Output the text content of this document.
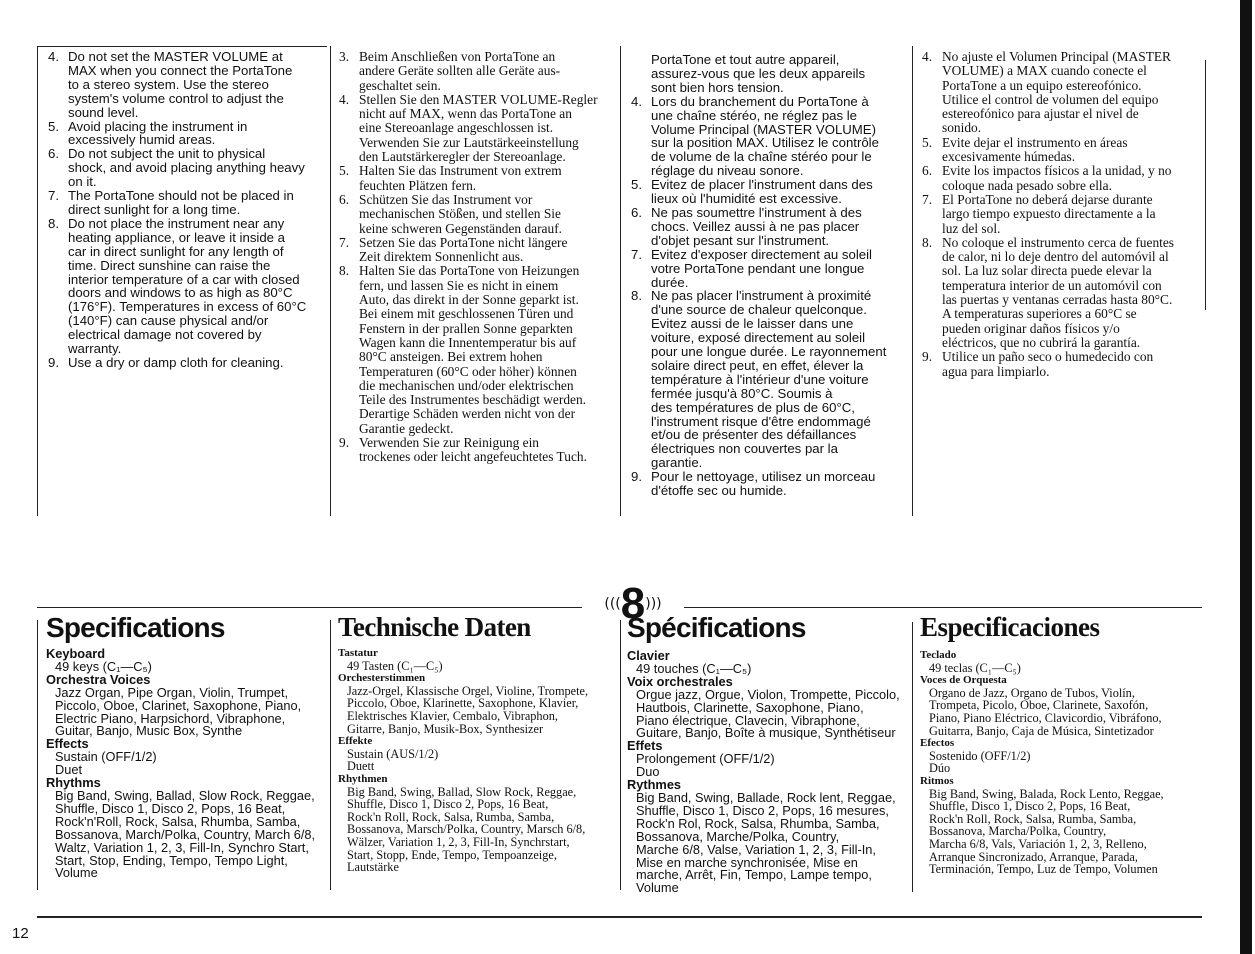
4. Do not set the MASTER VOLUME at
MAX when you connect the PortaTone
to a stereo system. Use the stereo
system's volume control to adjust the
sound level.
5. Avoid placing the instrument in
excessively humid areas.
6. Do not subject the unit to physical
shock, and avoid placing anything heavy
on it.
7. The PortaTone should not be placed in
direct sunlight for a long time.
8. Do not place the instrument near any
heating appliance, or leave it inside a
car in direct sunlight for any length of
time. Direct sunshine can raise the
interior temperature of a car with closed
doors and windows to as high as 80°C
(176°F). Temperatures in excess of 60°C
(140°F) can cause physical and/or
electrical damage not covered by
warranty.
9. Use a dry or damp cloth for cleaning.
3. Beim Anschließen von PortaTone an
andere Geräte sollten alle Geräte aus-
geschaltet sein.
4. Stellen Sie den MASTER VOLUME-Regler
nicht auf MAX, wenn das PortaTone an
eine Stereoanlage angeschlossen ist.
Verwenden Sie zur Lautstärkeeinstellung
den Lautstärkeregler der Stereoanlage.
5. Halten Sie das Instrument von extrem
feuchten Plätzen fern.
6. Schützen Sie das Instrument vor
mechanischen Stößen, und stellen Sie
keine schweren Gegenständen darauf.
7. Setzen Sie das PortaTone nicht längere
Zeit direktem Sonnenlicht aus.
8. Halten Sie das PortaTone von Heizungen
fern, und lassen Sie es nicht in einem
Auto, das direkt in der Sonne geparkt ist.
Bei einem mit geschlossenen Türen und
Fenstern in der prallen Sonne geparkten
Wagen kann die Innentemperatur bis auf
80°C ansteigen. Bei extrem hohen
Temperaturen (60°C oder höher) können
die mechanischen und/oder elektrischen
Teile des Instrumentes beschädigt werden.
Derartige Schäden werden nicht von der
Garantie gedeckt.
9. Verwenden Sie zur Reinigung ein
trockenes oder leicht angefeuchtetes Tuch.
PortaTone et tout autre appareil,
assurez-vous que les deux appareils
sont bien hors tension.
4. Lors du branchement du PortaTone à
une chaîne stéréo, ne réglez pas le
Volume Principal (MASTER VOLUME)
sur la position MAX. Utilisez le contrôle
de volume de la chaîne stéréo pour le
réglage du niveau sonore.
5. Evitez de placer l'instrument dans des
lieux où l'humidité est excessive.
6. Ne pas soumettre l'instrument à des
chocs. Veillez aussi à ne pas placer
d'objet pesant sur l'instrument.
7. Evitez d'exposer directement au soleil
votre PortaTone pendant une longue
durée.
8. Ne pas placer l'instrument à proximité
d'une source de chaleur quelconque.
Evitez aussi de le laisser dans une
voiture, exposé directement au soleil
pour une longue durée. Le rayonnement
solaire direct peut, en effet, élever la
température à l'intérieur d'une voiture
fermée jusqu'à 80°C. Soumis à
des températures de plus de 60°C,
l'instrument risque d'être endommagé
et/ou de présenter des défaillances
électriques non couvertes par la
garantie.
9. Pour le nettoyage, utilisez un morceau
d'étoffe sec ou humide.
4. No ajuste el Volumen Principal (MASTER
VOLUME) a MAX cuando conecte el
PortaTone a un equipo estereofónico.
Utilice el control de volumen del equipo
estereofónico para ajustar el nivel de
sonido.
5. Evite dejar el instrumento en áreas
excesivamente húmedas.
6. Evite los impactos físicos a la unidad, y no
coloque nada pesado sobre ella.
7. El PortaTone no deberá dejarse durante
largo tiempo expuesto directamente a la
luz del sol.
8. No coloque el instrumento cerca de fuentes
de calor, ni lo deje dentro del automóvil al
sol. La luz solar directa puede elevar la
temperatura interior de un automóvil con
las puertas y ventanas cerradas hasta 80°C.
A temperaturas superiores a 60°C se
pueden originar daños físicos y/o
eléctricos, que no cubrirá la garantía.
9. Utilice un paño seco o humedecido con
agua para limpiarlo.
(((8)))
Specifications
Keyboard
49 keys (C₁—C₅)
Orchestra Voices
Jazz Organ, Pipe Organ, Violin, Trumpet,
Piccolo, Oboe, Clarinet, Saxophone, Piano,
Electric Piano, Harpsichord, Vibraphone,
Guitar, Banjo, Music Box, Synthe
Effects
Sustain (OFF/1/2)
Duet
Rhythms
Big Band, Swing, Ballad, Slow Rock, Reggae,
Shuffle, Disco 1, Disco 2, Pops, 16 Beat,
Rock'n'Roll, Rock, Salsa, Rhumba, Samba,
Bossanova, March/Polka, Country, March 6/8,
Waltz, Variation 1, 2, 3, Fill-In, Synchro Start,
Start, Stop, Ending, Tempo, Tempo Light,
Volume
Technische Daten
Tastatur
49 Tasten (C₁—C₅)
Orchesterstimmen
Jazz-Orgel, Klassische Orgel, Violine, Trompete,
Piccolo, Oboe, Klarinette, Saxophone, Klavier,
Elektrisches Klavier, Cembalo, Vibraphon,
Gitarre, Banjo, Musik-Box, Synthesizer
Effekte
Sustain (AUS/1/2)
Duett
Rhythmen
Big Band, Swing, Ballad, Slow Rock, Reggae,
Shuffle, Disco 1, Disco 2, Pops, 16 Beat,
Rock'n Roll, Rock, Salsa, Rumba, Samba,
Bossanova, Marsch/Polka, Country, Marsch 6/8,
Wälzer, Variation 1, 2, 3, Fill-In, Synchrstart,
Start, Stopp, Ende, Tempo, Tempoanzeige,
Lautstärke
Spécifications
Clavier
49 touches (C₁—C₅)
Voix orchestrales
Orgue jazz, Orgue, Violon, Trompette, Piccolo,
Hautbois, Clarinette, Saxophone, Piano,
Piano électrique, Clavecin, Vibraphone,
Guitare, Banjo, Boîte à musique, Synthétiseur
Effets
Prolongement (OFF/1/2)
Duo
Rythmes
Big Band, Swing, Ballade, Rock lent, Reggae,
Shuffle, Disco 1, Disco 2, Pops, 16 mesures,
Rock'n Rol, Rock, Salsa, Rhumba, Samba,
Bossanova, Marche/Polka, Country,
Marche 6/8, Valse, Variation 1, 2, 3, Fill-In,
Mise en marche synchronisée, Mise en
marche, Arrêt, Fin, Tempo, Lampe tempo,
Volume
Especificaciones
Teclado
49 teclas (C₁—C₅)
Voces de Orquesta
Organo de Jazz, Organo de Tubos, Violín,
Trompeta, Picolo, Oboe, Clarinete, Saxofón,
Piano, Piano Eléctrico, Clavicordio, Vibráfono,
Guitarra, Banjo, Caja de Música, Sintetizador
Efectos
Sostenido (OFF/1/2)
Dúo
Ritmos
Big Band, Swing, Balada, Rock Lento, Reggae,
Shuffle, Disco 1, Disco 2, Pops, 16 Beat,
Rock'n Roll, Rock, Salsa, Rumba, Samba,
Bossanova, Marcha/Polka, Country,
Marcha 6/8, Vals, Variación 1, 2, 3, Relleno,
Arranque Sincronizado, Arranque, Parada,
Terminación, Tempo, Luz de Tempo, Volumen
12
